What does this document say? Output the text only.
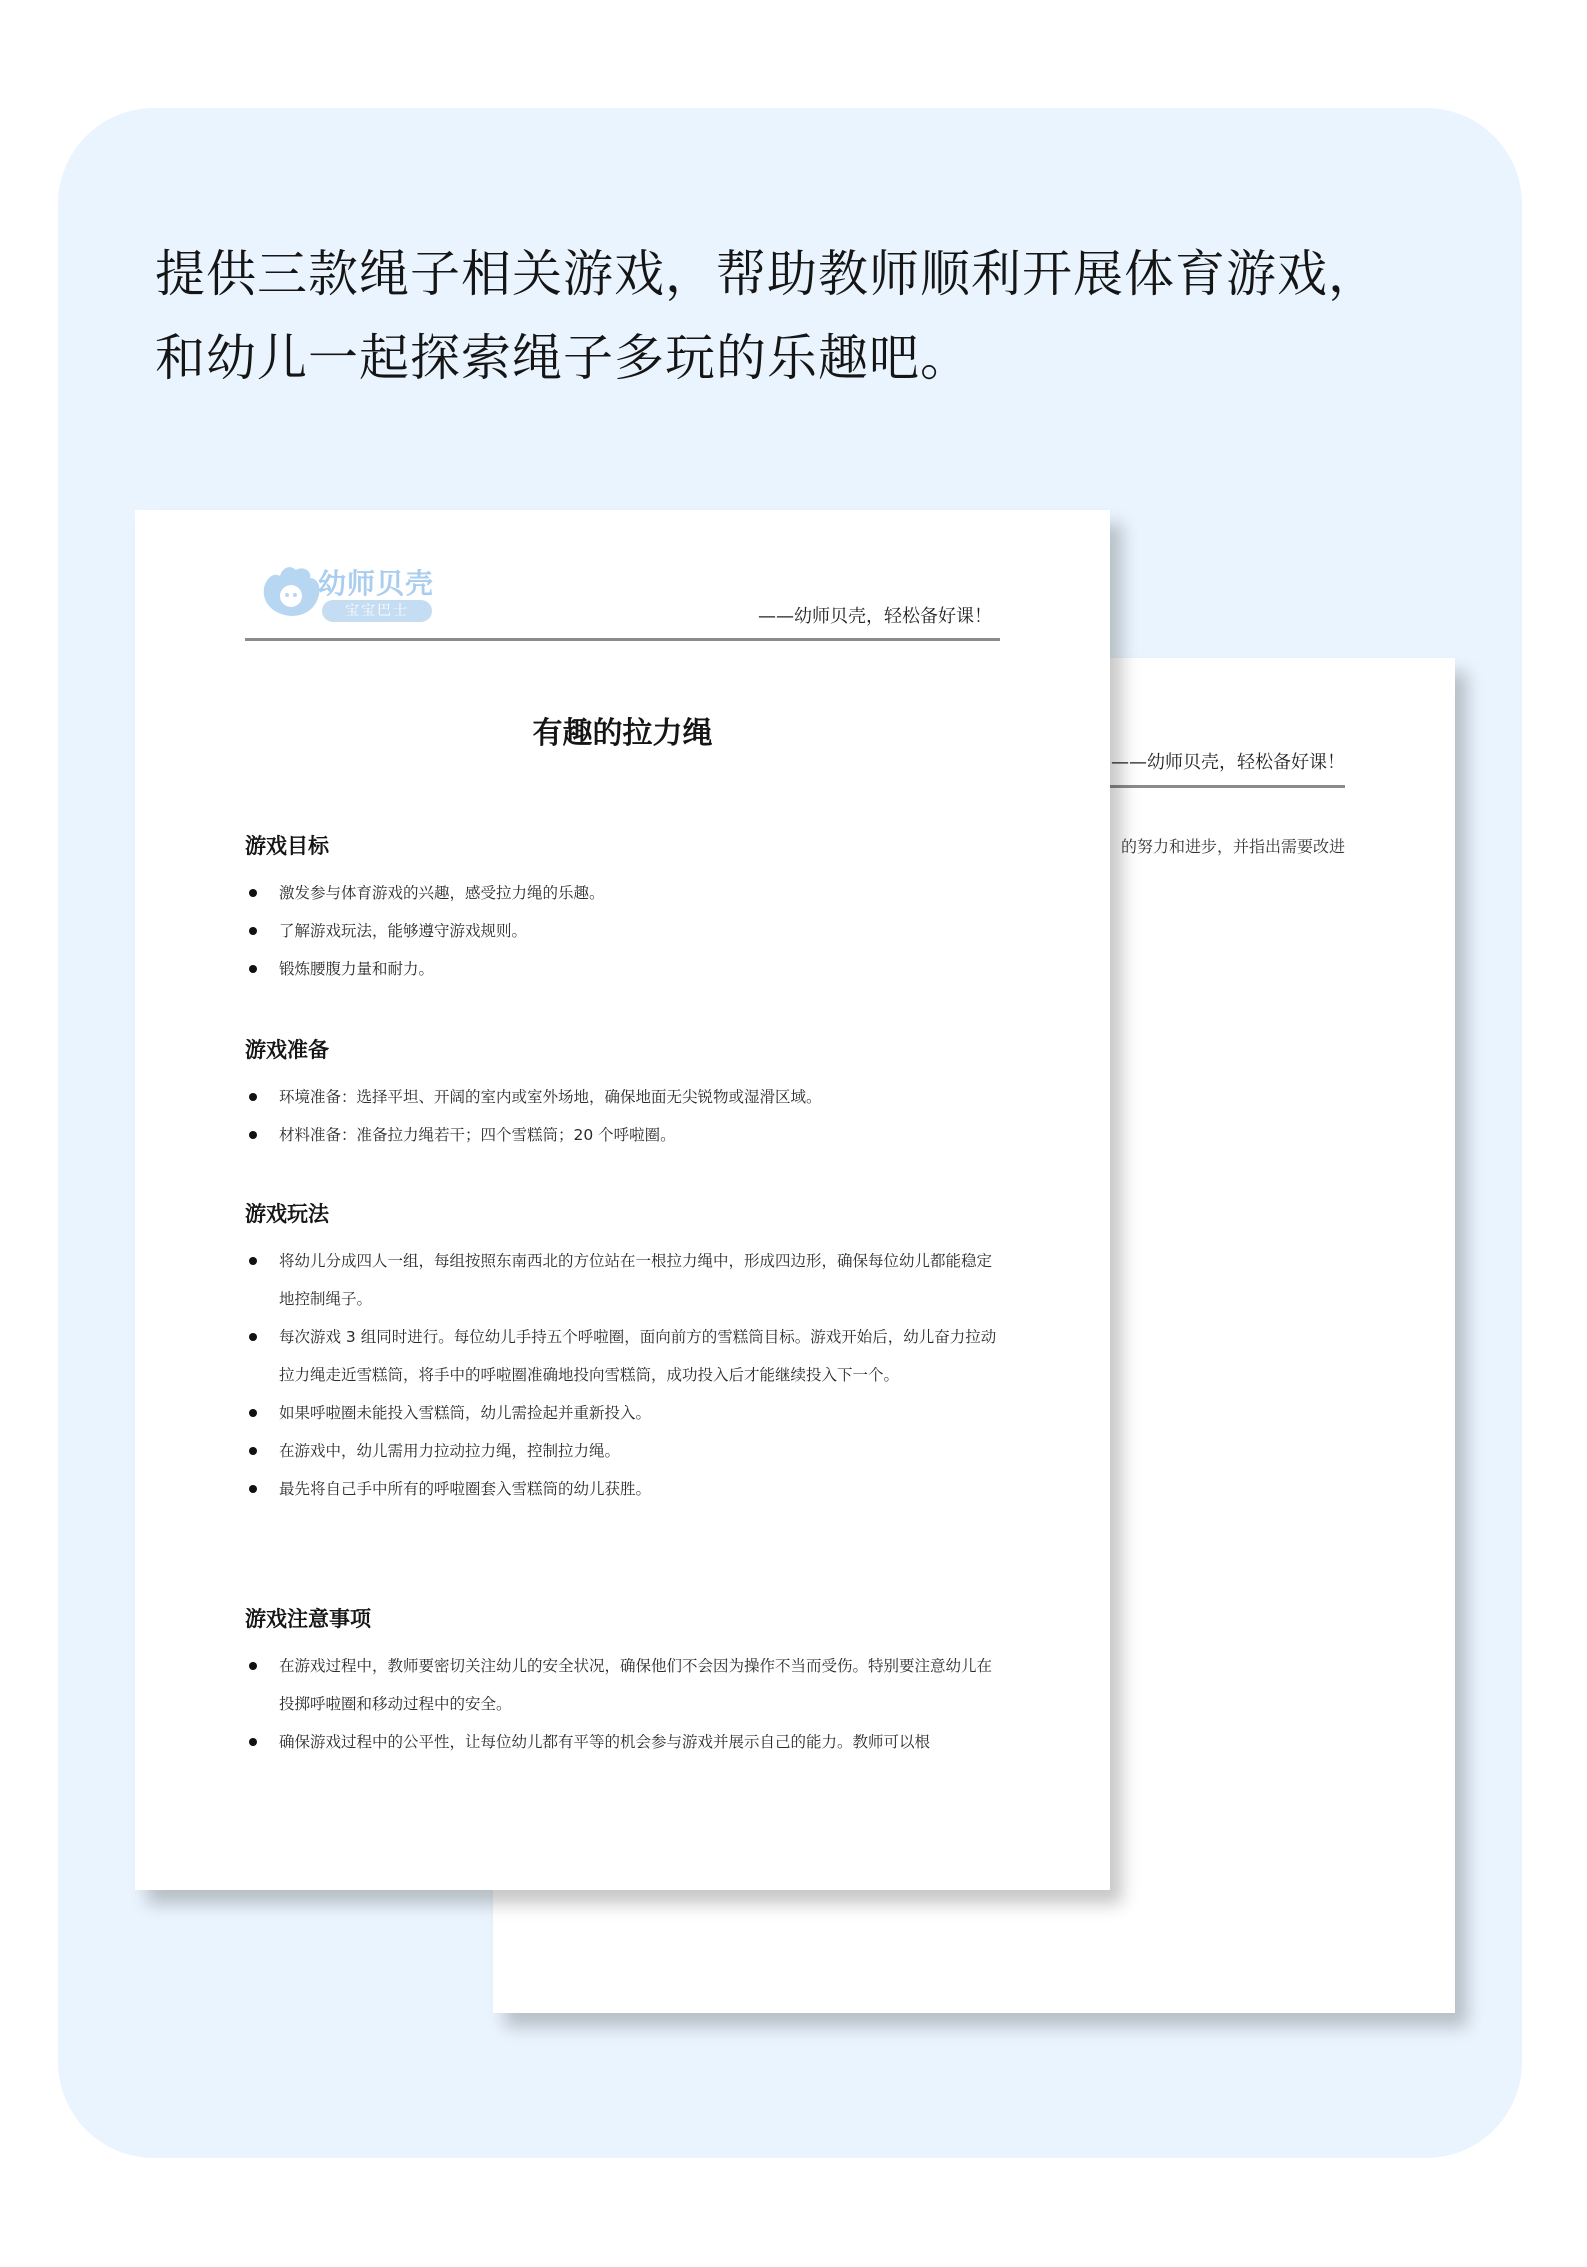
提供三款绳子相关游戏，帮助教师顺利开展体育游戏，
和幼儿一起探索绳子多玩的乐趣吧。

——幼师贝壳，轻松备好课！
的努力和进步，并指出需要改进
幼师贝壳
宝宝巴士	——幼师贝壳，轻松备好课！
有趣的拉力绳
游戏目标
激发参与体育游戏的兴趣，感受拉力绳的乐趣。
了解游戏玩法，能够遵守游戏规则。
锻炼腰腹力量和耐力。
游戏准备
环境准备：选择平坦、开阔的室内或室外场地，确保地面无尖锐物或湿滑区域。
材料准备：准备拉力绳若干；四个雪糕筒；20 个呼啦圈。
游戏玩法
将幼儿分成四人一组，每组按照东南西北的方位站在一根拉力绳中，形成四边形，确保每位幼儿都能稳定地控制绳子。
每次游戏 3 组同时进行。每位幼儿手持五个呼啦圈，面向前方的雪糕筒目标。游戏开始后，幼儿奋力拉动拉力绳走近雪糕筒，将手中的呼啦圈准确地投向雪糕筒，成功投入后才能继续投入下一个。
如果呼啦圈未能投入雪糕筒，幼儿需捡起并重新投入。
在游戏中，幼儿需用力拉动拉力绳，控制拉力绳。
最先将自己手中所有的呼啦圈套入雪糕筒的幼儿获胜。
游戏注意事项
在游戏过程中，教师要密切关注幼儿的安全状况，确保他们不会因为操作不当而受伤。特别要注意幼儿在投掷呼啦圈和移动过程中的安全。
确保游戏过程中的公平性，让每位幼儿都有平等的机会参与游戏并展示自己的能力。教师可以根
